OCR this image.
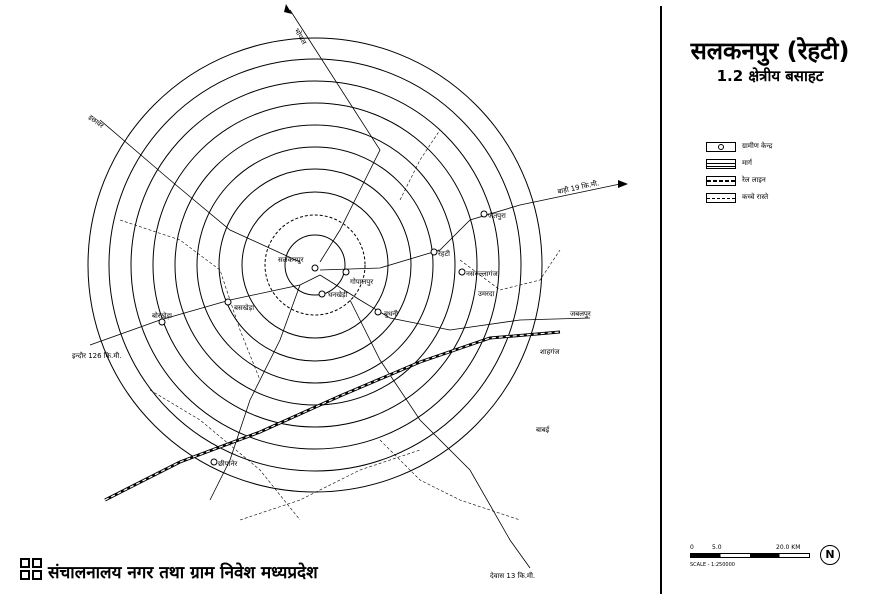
भोपाल
इछावर
बाड़ी 19 कि.मी.
इन्दौर 126 कि.मी.
देवास 13 कि.मी.
सलकनपुर
रेहटी
बोरखेड़ा
बसखेड़ा
धनखेड़ी
बुधनी
नसरुल्लागंज
जैतपुरा
छीपानेर
गोपालपुर
शाहगंज
बाबई
उमरदा
जबलपुर
सलकनपुर (रेहटी)
1.2 क्षेत्रीय बसाहट
ग्रामीण केन्द्र
मार्ग
रेल लाइन
कच्चे रास्ते
0	5.0	20.0 KM
SCALE - 1:250000
N
संचालनालय नगर तथा ग्राम निवेश मध्यप्रदेश
